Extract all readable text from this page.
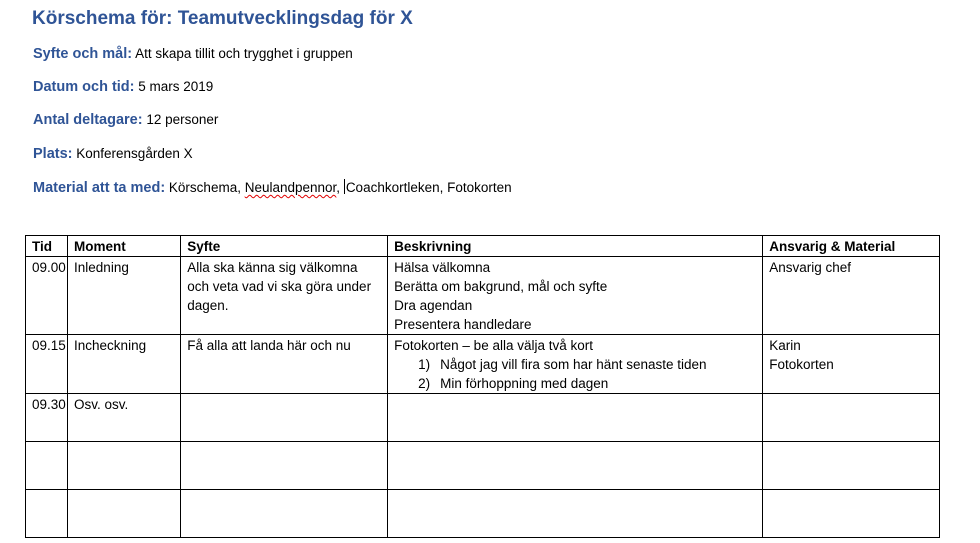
Körschema för: Teamutvecklingsdag för X
Syfte och mål: Att skapa tillit och trygghet i gruppen
Datum och tid: 5 mars 2019
Antal deltagare: 12 personer
Plats: Konferensgården X
Material att ta med: Körschema, Neulandpennor, Coachkortleken, Fotokorten
Tid	Moment	Syfte	Beskrivning	Ansvarig & Material
09.00	Inledning	Alla ska känna sig välkomna
och veta vad vi ska göra under
dagen.	Hälsa välkomna
Berätta om bakgrund, mål och syfte
Dra agendan
Presentera handledare	Ansvarig chef

09.15	Incheckning	Få alla att landa här och nu	Fotokorten – be alla välja två kort
1) Något jag vill fira som har hänt senaste tiden
2) Min förhoppning med dagen	Karin
Fotokorten

09.30	Osv. osv.			
